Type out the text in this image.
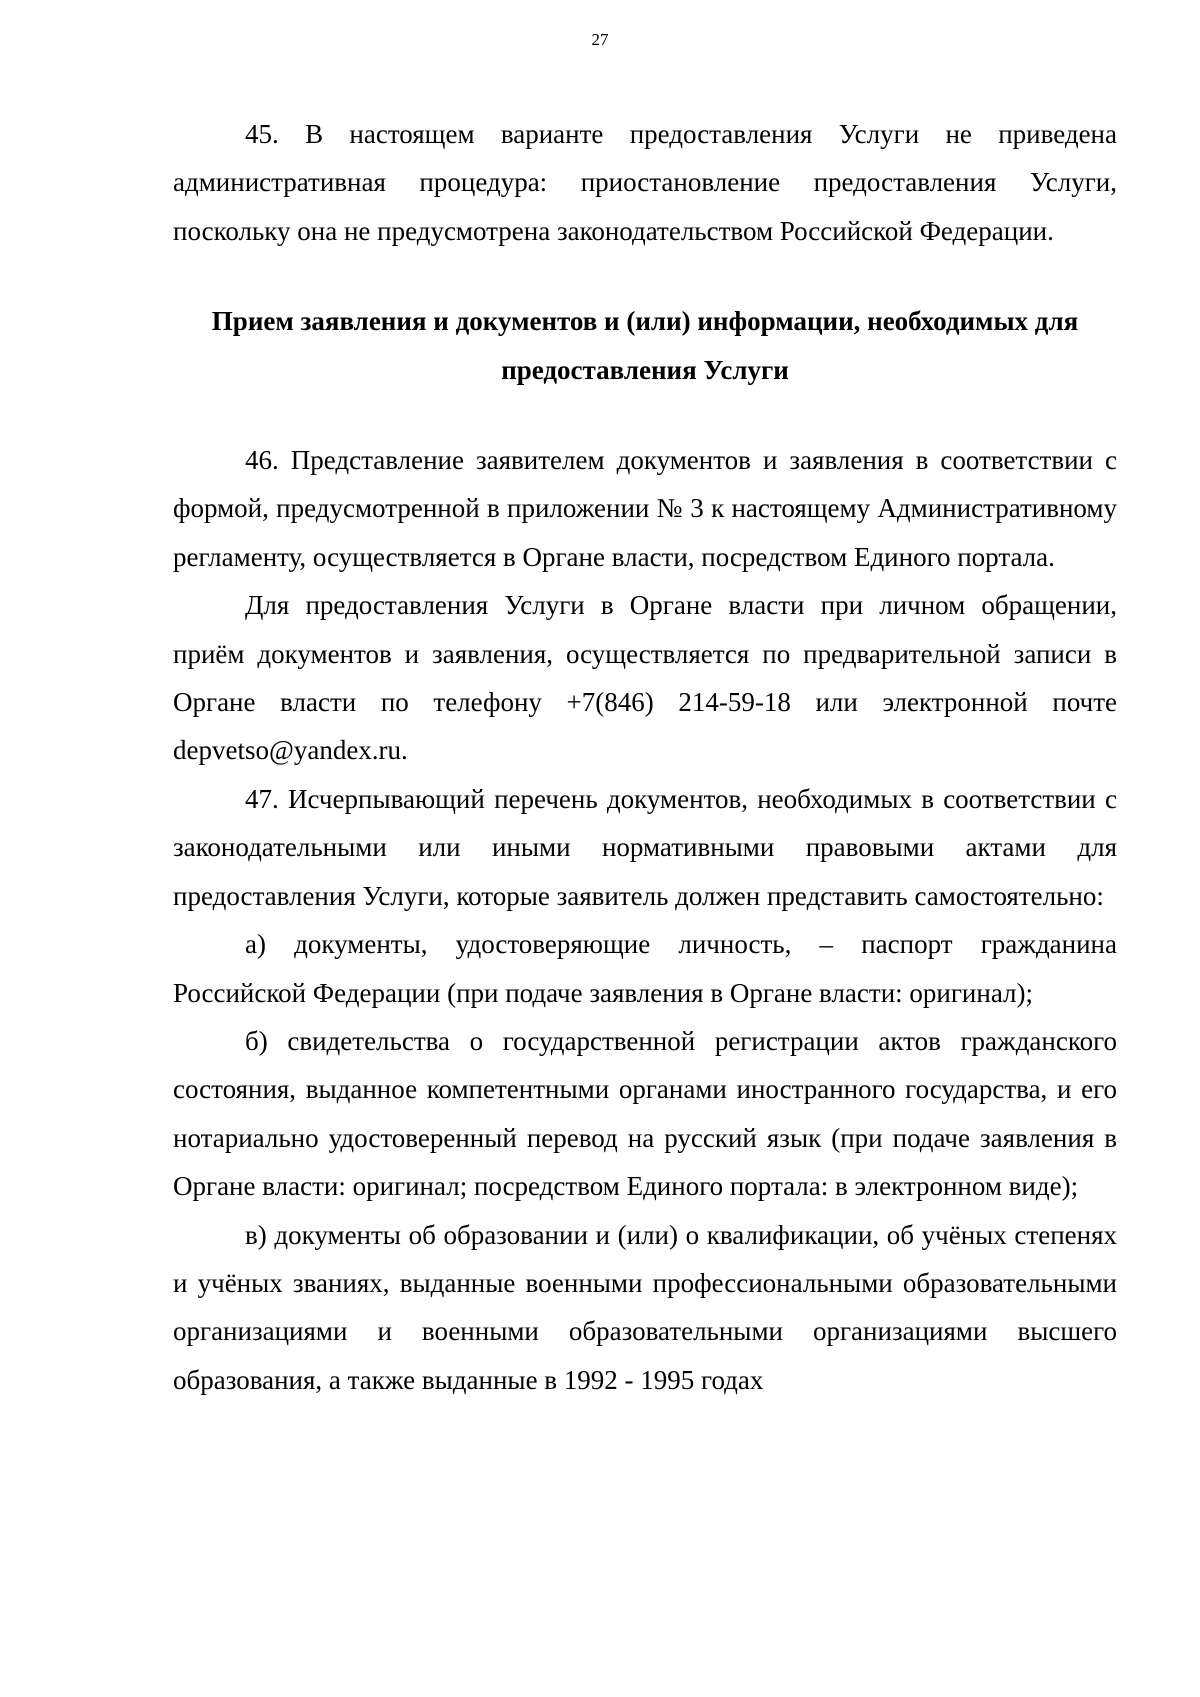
27

45. В настоящем варианте предоставления Услуги не приведена административная процедура: приостановление предоставления Услуги, поскольку она не предусмотрена законодательством Российской Федерации.

Прием заявления и документов и (или) информации, необходимых для
предоставления Услуги

46. Представление заявителем документов и заявления в соответствии с формой, предусмотренной в приложении № 3 к настоящему Административному регламенту, осуществляется в Органе власти, посредством Единого портала.

Для предоставления Услуги в Органе власти при личном обращении, приём документов и заявления, осуществляется по предварительной записи в Органе власти по телефону +7(846) 214-59-18 или электронной почте depvetso@yandex.ru.

47. Исчерпывающий перечень документов, необходимых в соответствии с законодательными или иными нормативными правовыми актами для предоставления Услуги, которые заявитель должен представить самостоятельно:

а) документы, удостоверяющие личность, – паспорт гражданина Российской Федерации (при подаче заявления в Органе власти: оригинал);

б) свидетельства о государственной регистрации актов гражданского состояния, выданное компетентными органами иностранного государства, и его нотариально удостоверенный перевод на русский язык (при подаче заявления в Органе власти: оригинал; посредством Единого портала: в электронном виде);

в) документы об образовании и (или) о квалификации, об учёных степенях и учёных званиях, выданные военными профессиональными образовательными организациями и военными образовательными организациями высшего образования, а также выданные в 1992 - 1995 годах
